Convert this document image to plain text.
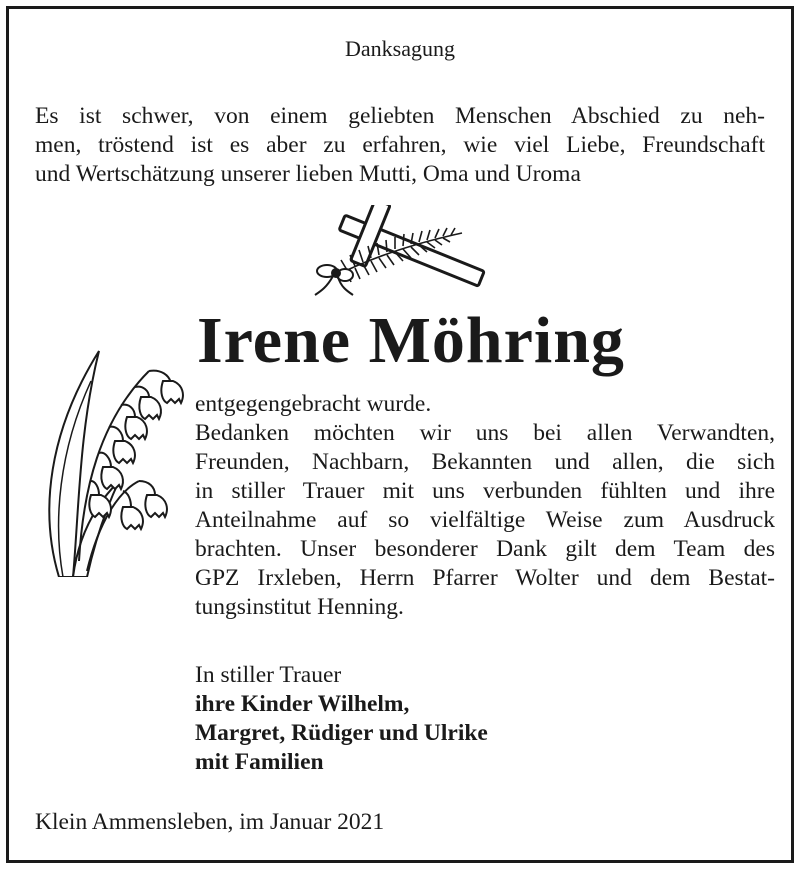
Danksagung

Es ist schwer, von einem geliebten Menschen Abschied zu neh-
men, tröstend ist es aber zu erfahren, wie viel Liebe, Freundschaft
und Wertschätzung unserer lieben Mutti, Oma und Uroma

Irene Möhring
entgegengebracht wurde.
Bedanken möchten wir uns bei allen Verwandten,
Freunden, Nachbarn, Bekannten und allen, die sich
in stiller Trauer mit uns verbunden fühlten und ihre
Anteilnahme auf so vielfältige Weise zum Ausdruck
brachten. Unser besonderer Dank gilt dem Team des
GPZ Irxleben, Herrn Pfarrer Wolter und dem Bestat-
tungsinstitut Henning.
In stiller Trauer
ihre Kinder Wilhelm,
Margret, Rüdiger und Ulrike
mit Familien
Klein Ammensleben, im Januar 2021
